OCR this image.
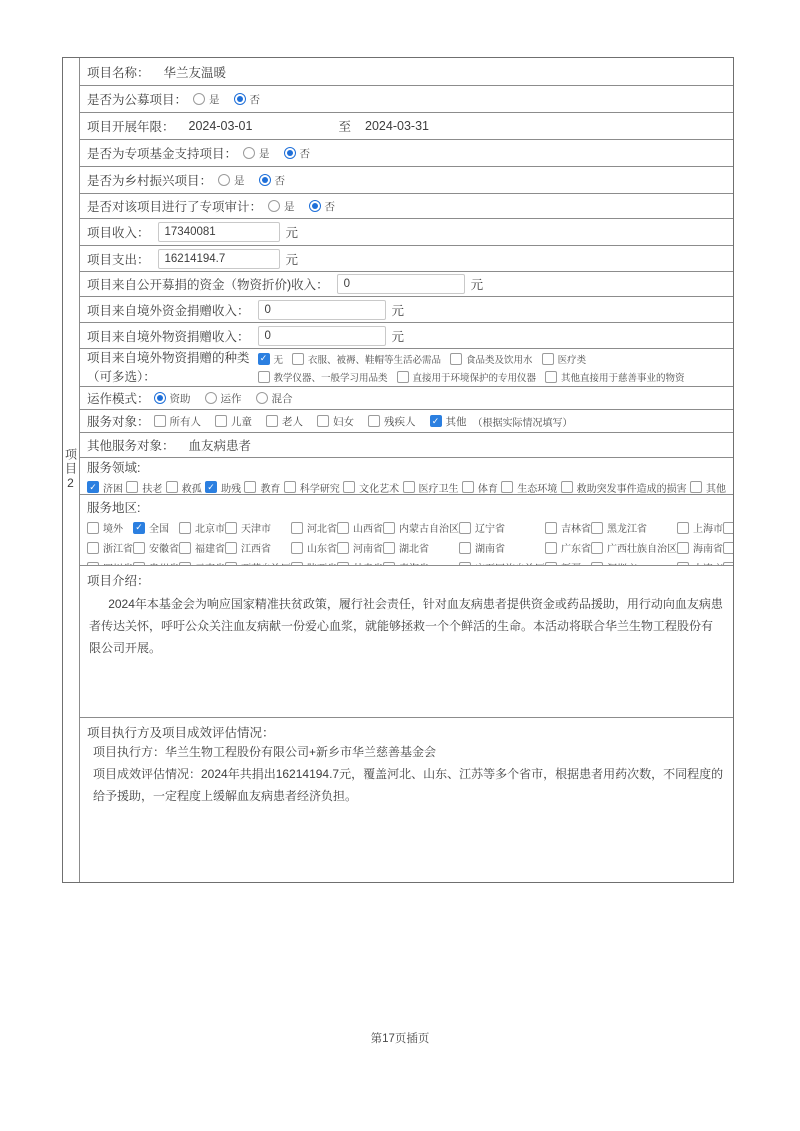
项目2
项目名称： 华兰友温暖
是否为公募项目： 是	否
项目开展年限： 2024-03-01	至 2024-03-31
是否为专项基金支持项目： 是	否
是否为乡村振兴项目： 是	否
是否对该项目进行了专项审计： 是	否
项目收入：
17340081	元
项目支出：
16214194.7	元
项目来自公开募捐的资金（物资折价)收入：
0	元
项目来自境外资金捐赠收入：
0	元
项目来自境外物资捐赠收入：
0	元
项目来自境外物资捐赠的种类
（可多选）：
✓ 无	衣服、被褥、鞋帽等生活必需品	食品类及饮用水	医疗类
教学仪器、一般学习用品类	直接用于环境保护的专用仪器	其他直接用于慈善事业的物资
运作模式： 资助	运作	混合
服务对象： 所有人	儿童	老人	妇女	残疾人 ✓ 其他 （根据实际情况填写）
其他服务对象： 血友病患者
服务领域:
✓ 济困 扶老 救孤 ✓ 助残 教育 科学研究 文化艺术 医疗卫生 体育 生态环境 救助突发事件造成的损害 其他
服务地区:
境外 ✓ 全国	北京市 天津市	河北省 山西省 内蒙古自治区 辽宁省	吉林省 黑龙江省	上海市
浙江省 安徽省 福建省 江西省	山东省 河南省 湖北省	湖南省	广东省 广西壮族自治区 海南省
项目介绍：

2024年本基金会为响应国家精准扶贫政策，履行社会责任，针对血友病患者提供资金或药品援助，用行动向血友病患者传达关怀，呼吁公众关注血友病献一份爱心血浆，就能够拯救一个个鲜活的生命。本活动将联合华兰生物工程股份有限公司开展。

项目执行方及项目成效评估情况：

项目执行方：华兰生物工程股份有限公司+新乡市华兰慈善基金会

项目成效评估情况：2024年共捐出16214194.7元，覆盖河北、山东、江苏等多个省市，根据患者用药次数，不同程度的给予援助，一定程度上缓解血友病患者经济负担。

第17页插页
